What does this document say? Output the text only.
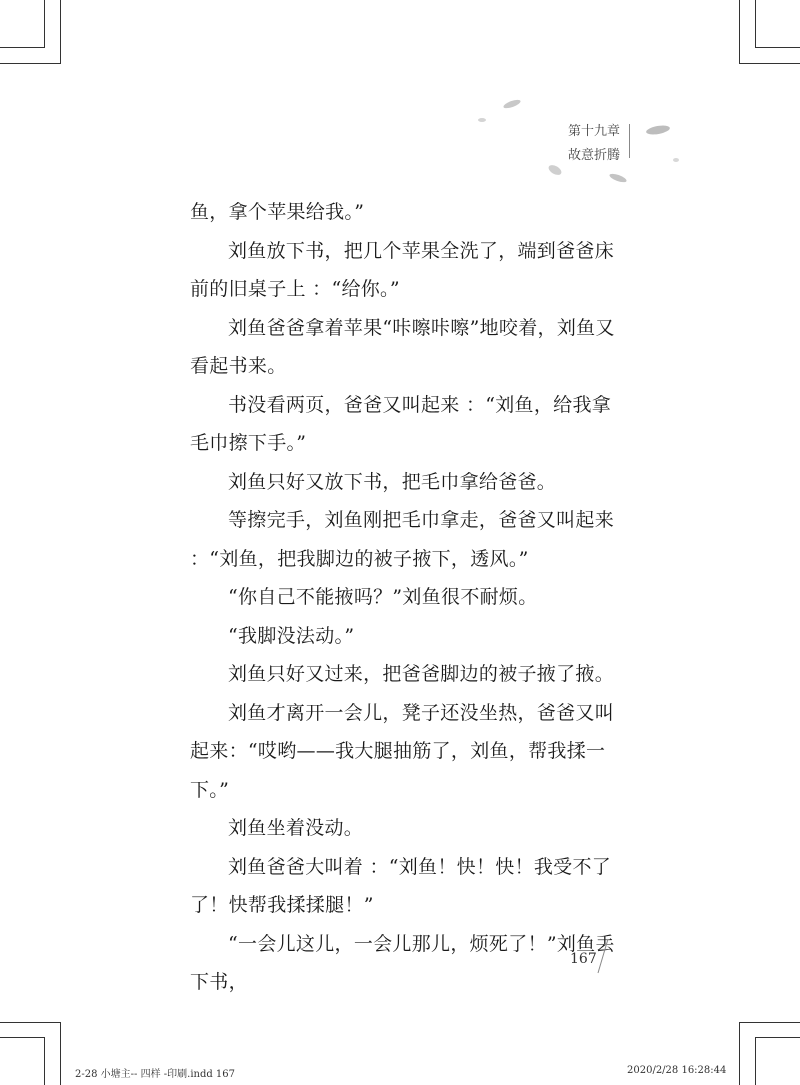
第十九章
故意折腾

鱼，拿个苹果给我。”

刘鱼放下书，把几个苹果全洗了，端到爸爸床前的旧桌子上 ：“给你。”

刘鱼爸爸拿着苹果“咔嚓咔嚓”地咬着，刘鱼又看起书来。

书没看两页，爸爸又叫起来 ：“刘鱼，给我拿毛巾擦下手。”

刘鱼只好又放下书，把毛巾拿给爸爸。

等擦完手，刘鱼刚把毛巾拿走，爸爸又叫起来 ：“刘鱼，把我脚边的被子掖下，透风。”

“你自己不能掖吗？”刘鱼很不耐烦。

“我脚没法动。”

刘鱼只好又过来，把爸爸脚边的被子掖了掖。

刘鱼才离开一会儿，凳子还没坐热，爸爸又叫起来：“哎哟——我大腿抽筋了，刘鱼，帮我揉一下。”

刘鱼坐着没动。

刘鱼爸爸大叫着 ：“刘鱼！快！快！我受不了了！快帮我揉揉腿！”

“一会儿这儿，一会儿那儿，烦死了！”刘鱼丢下书，

167
2-28 小塘主-- 四样 -印刷.indd 167	2020/2/28 16:28:44
